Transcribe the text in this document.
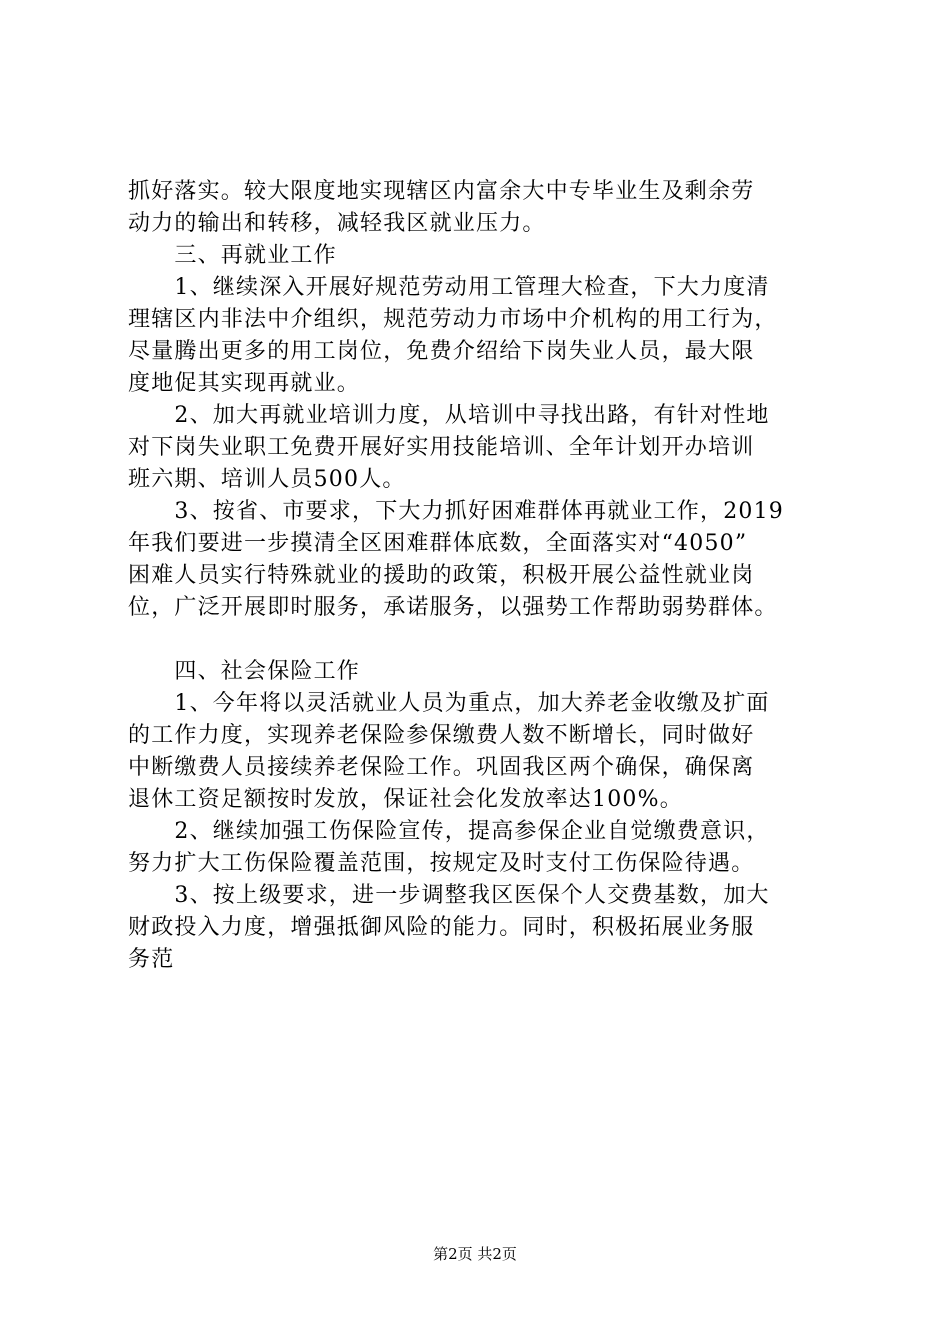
抓好落实。较大限度地实现辖区内富余大中专毕业生及剩余劳
动力的输出和转移，减轻我区就业压力。
　　三、再就业工作
　　1、继续深入开展好规范劳动用工管理大检查，下大力度清
理辖区内非法中介组织，规范劳动力市场中介机构的用工行为，
尽量腾出更多的用工岗位，免费介绍给下岗失业人员，最大限
度地促其实现再就业。
　　2、加大再就业培训力度，从培训中寻找出路，有针对性地
对下岗失业职工免费开展好实用技能培训、全年计划开办培训
班六期、培训人员500人。
　　3、按省、市要求，下大力抓好困难群体再就业工作，2019
年我们要进一步摸清全区困难群体底数，全面落实对“4050”
困难人员实行特殊就业的援助的政策，积极开展公益性就业岗
位，广泛开展即时服务，承诺服务，以强势工作帮助弱势群体。
　　四、社会保险工作
　　1、今年将以灵活就业人员为重点，加大养老金收缴及扩面
的工作力度，实现养老保险参保缴费人数不断增长，同时做好
中断缴费人员接续养老保险工作。巩固我区两个确保，确保离
退休工资足额按时发放，保证社会化发放率达100%。
　　2、继续加强工伤保险宣传，提高参保企业自觉缴费意识，
努力扩大工伤保险覆盖范围，按规定及时支付工伤保险待遇。
　　3、按上级要求，进一步调整我区医保个人交费基数，加大
财政投入力度，增强抵御风险的能力。同时，积极拓展业务服
务范
第2页 共2页
